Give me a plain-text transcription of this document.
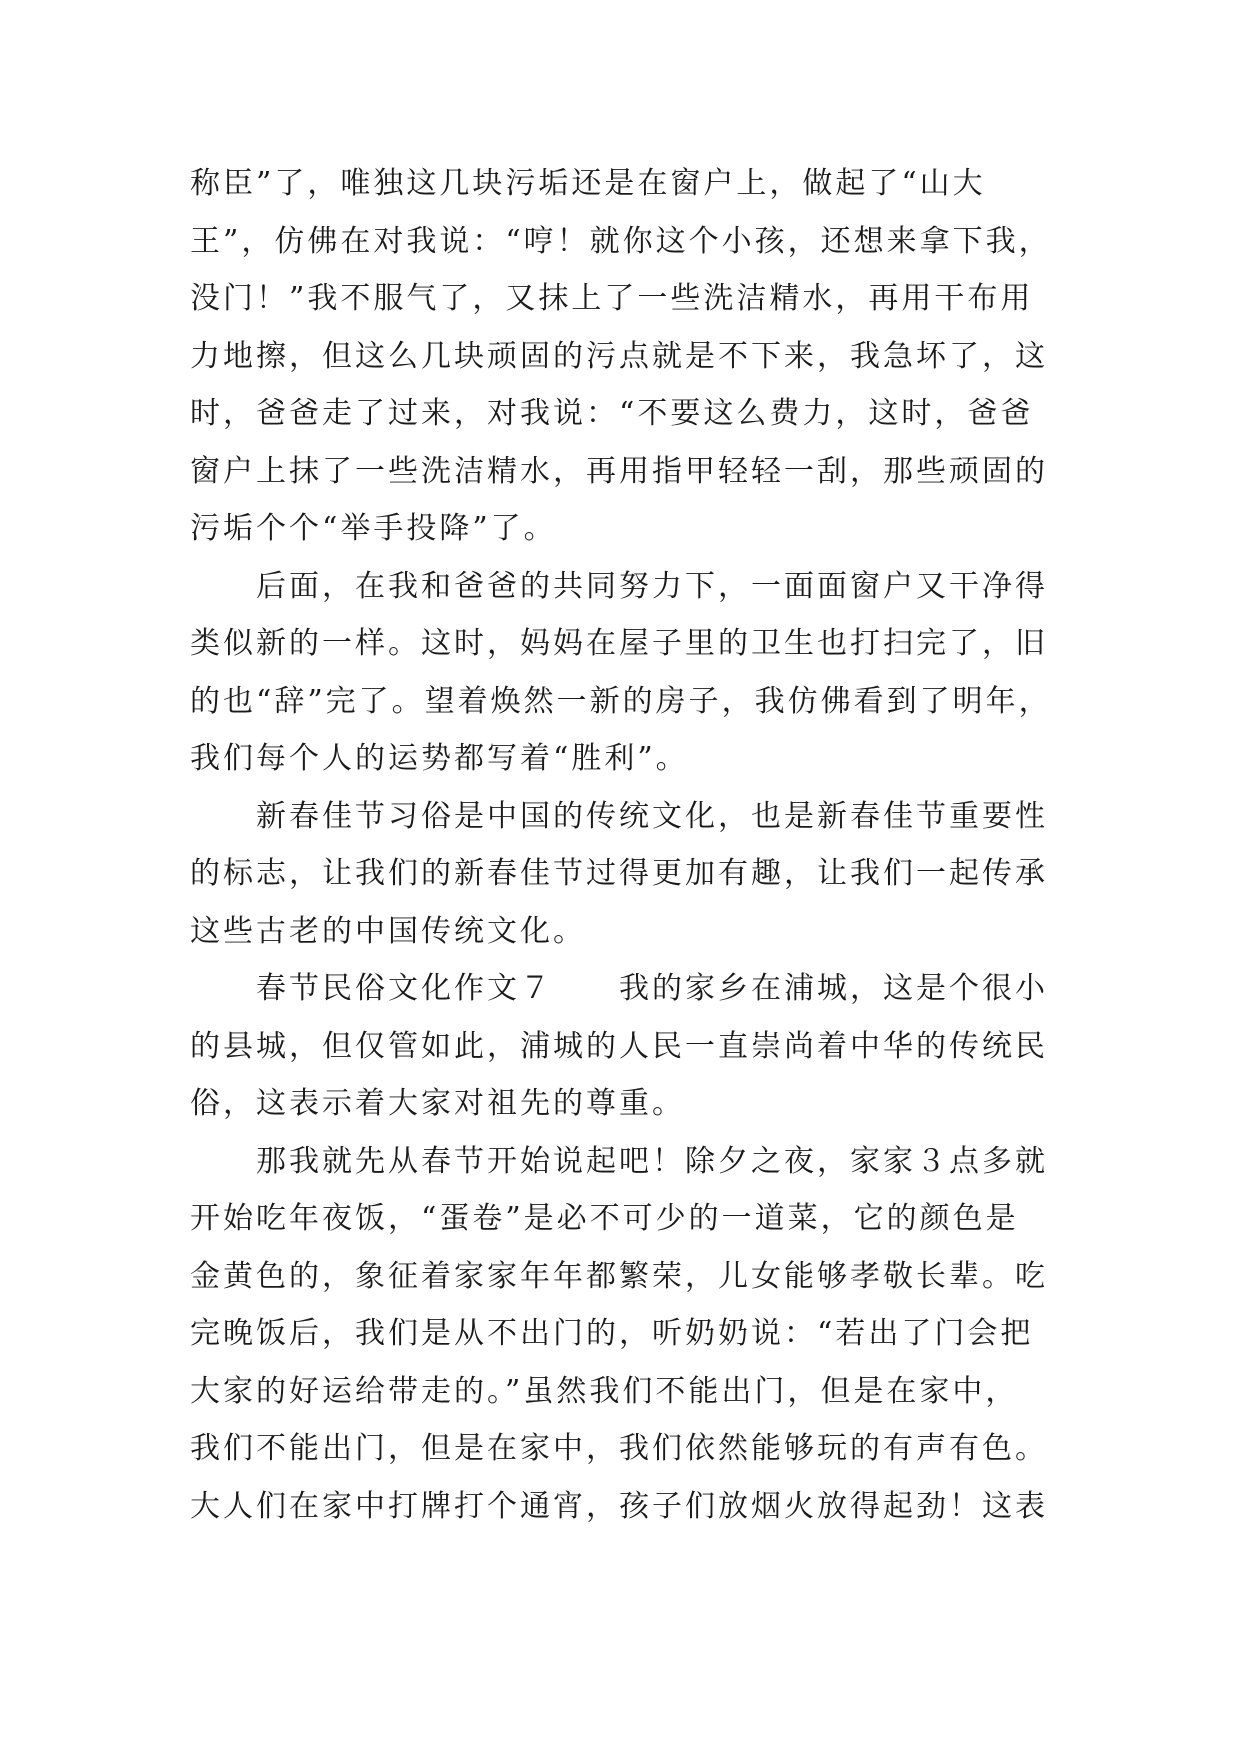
称臣”了，唯独这几块污垢还是在窗户上，做起了“山大
王”，仿佛在对我说：“哼！就你这个小孩，还想来拿下我，
没门！”我不服气了，又抹上了一些洗洁精水，再用干布用
力地擦，但这么几块顽固的污点就是不下来，我急坏了，这
时，爸爸走了过来，对我说：“不要这么费力，这时，爸爸
窗户上抹了一些洗洁精水，再用指甲轻轻一刮，那些顽固的
污垢个个“举手投降”了。
　　后面，在我和爸爸的共同努力下，一面面窗户又干净得
类似新的一样。这时，妈妈在屋子里的卫生也打扫完了，旧
的也“辞”完了。望着焕然一新的房子，我仿佛看到了明年，
我们每个人的运势都写着“胜利”。
　　新春佳节习俗是中国的传统文化，也是新春佳节重要性
的标志，让我们的新春佳节过得更加有趣，让我们一起传承
这些古老的中国传统文化。
　　春节民俗文化作文７　　我的家乡在浦城，这是个很小
的县城，但仅管如此，浦城的人民一直崇尚着中华的传统民
俗，这表示着大家对祖先的尊重。
　　那我就先从春节开始说起吧！除夕之夜，家家３点多就
开始吃年夜饭，“蛋卷”是必不可少的一道菜，它的颜色是
金黄色的，象征着家家年年都繁荣，儿女能够孝敬长辈。吃
完晚饭后，我们是从不出门的，听奶奶说：“若出了门会把
大家的好运给带走的。”虽然我们不能出门，但是在家中，
我们不能出门，但是在家中，我们依然能够玩的有声有色。
大人们在家中打牌打个通宵，孩子们放烟火放得起劲！这表
